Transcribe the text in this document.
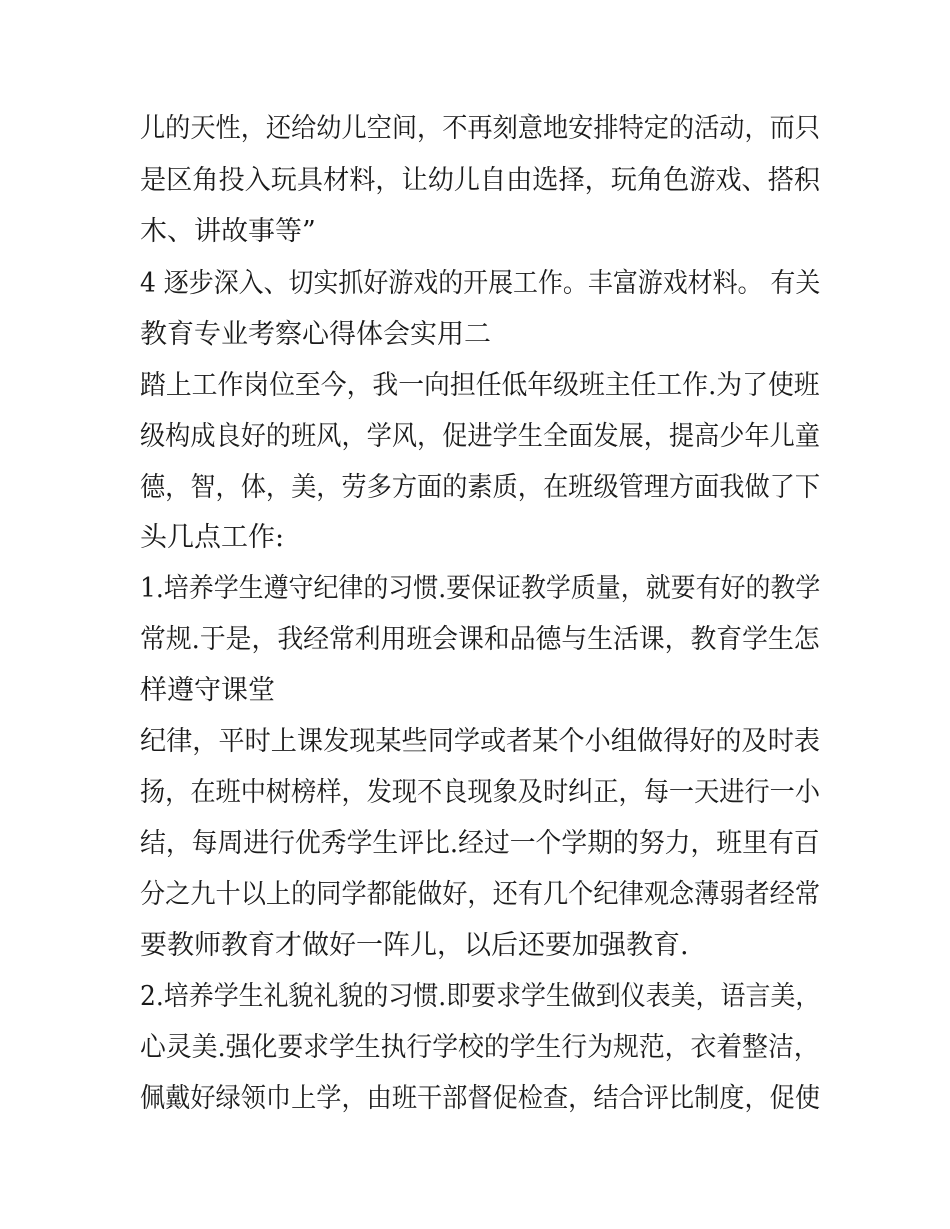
儿的天性，还给幼儿空间，不再刻意地安排特定的活动，而只
是区角投入玩具材料，让幼儿自由选择，玩角色游戏、搭积
木、讲故事等”
4 逐步深入、切实抓好游戏的开展工作。丰富游戏材料。 有关
教育专业考察心得体会实用二
踏上工作岗位至今，我一向担任低年级班主任工作.为了使班
级构成良好的班风，学风，促进学生全面发展，提高少年儿童
德，智，体，美，劳多方面的素质，在班级管理方面我做了下
头几点工作:
1.培养学生遵守纪律的习惯.要保证教学质量，就要有好的教学
常规.于是，我经常利用班会课和品德与生活课，教育学生怎
样遵守课堂
纪律，平时上课发现某些同学或者某个小组做得好的及时表
扬，在班中树榜样，发现不良现象及时纠正，每一天进行一小
结，每周进行优秀学生评比.经过一个学期的努力，班里有百
分之九十以上的同学都能做好，还有几个纪律观念薄弱者经常
要教师教育才做好一阵儿，以后还要加强教育.
2.培养学生礼貌礼貌的习惯.即要求学生做到仪表美，语言美，
心灵美.强化要求学生执行学校的学生行为规范，衣着整洁，
佩戴好绿领巾上学，由班干部督促检查，结合评比制度，促使
